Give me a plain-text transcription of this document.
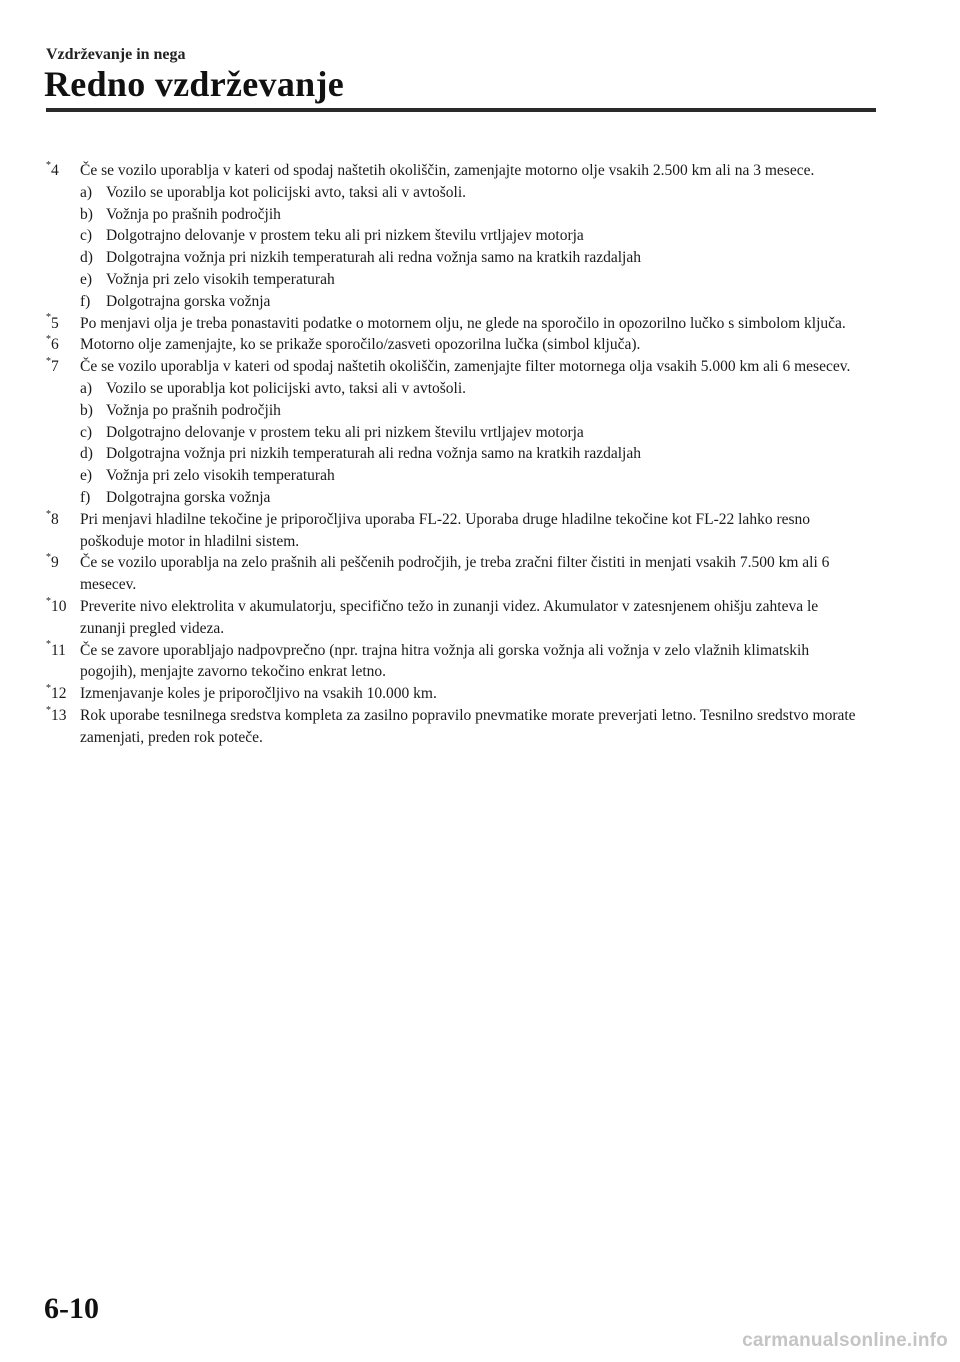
Vzdrževanje in nega
Redno vzdrževanje
*4	Če se vozilo uporablja v kateri od spodaj naštetih okoliščin, zamenjajte motorno olje vsakih 2.500 km ali na 3 mesece.
a) Vozilo se uporablja kot policijski avto, taksi ali v avtošoli.
b) Vožnja po prašnih področjih
c) Dolgotrajno delovanje v prostem teku ali pri nizkem številu vrtljajev motorja
d) Dolgotrajna vožnja pri nizkih temperaturah ali redna vožnja samo na kratkih razdaljah
e) Vožnja pri zelo visokih temperaturah
f)	Dolgotrajna gorska vožnja
*5	Po menjavi olja je treba ponastaviti podatke o motornem olju, ne glede na sporočilo in opozorilno lučko s simbolom ključa.
*6	Motorno olje zamenjajte, ko se prikaže sporočilo/zasveti opozorilna lučka (simbol ključa).
*7	Če se vozilo uporablja v kateri od spodaj naštetih okoliščin, zamenjajte filter motornega olja vsakih 5.000 km ali 6 mesecev.
a) Vozilo se uporablja kot policijski avto, taksi ali v avtošoli.
b) Vožnja po prašnih področjih
c) Dolgotrajno delovanje v prostem teku ali pri nizkem številu vrtljajev motorja
d) Dolgotrajna vožnja pri nizkih temperaturah ali redna vožnja samo na kratkih razdaljah
e) Vožnja pri zelo visokih temperaturah
f)	Dolgotrajna gorska vožnja
*8	Pri menjavi hladilne tekočine je priporočljiva uporaba FL-22. Uporaba druge hladilne tekočine kot FL-22 lahko resno poškoduje motor in hladilni sistem.
*9	Če se vozilo uporablja na zelo prašnih ali peščenih področjih, je treba zračni filter čistiti in menjati vsakih 7.500 km ali 6 mesecev.
*10 Preverite nivo elektrolita v akumulatorju, specifično težo in zunanji videz. Akumulator v zatesnjenem ohišju zahteva le zunanji pregled videza.
*11 Če se zavore uporabljajo nadpovprečno (npr. trajna hitra vožnja ali gorska vožnja ali vožnja v zelo vlažnih klimatskih pogojih), menjajte zavorno tekočino enkrat letno.
*12 Izmenjavanje koles je priporočljivo na vsakih 10.000 km.
*13 Rok uporabe tesnilnega sredstva kompleta za zasilno popravilo pnevmatike morate preverjati letno. Tesnilno sredstvo morate zamenjati, preden rok poteče.
6-10
carmanualsonline.info
